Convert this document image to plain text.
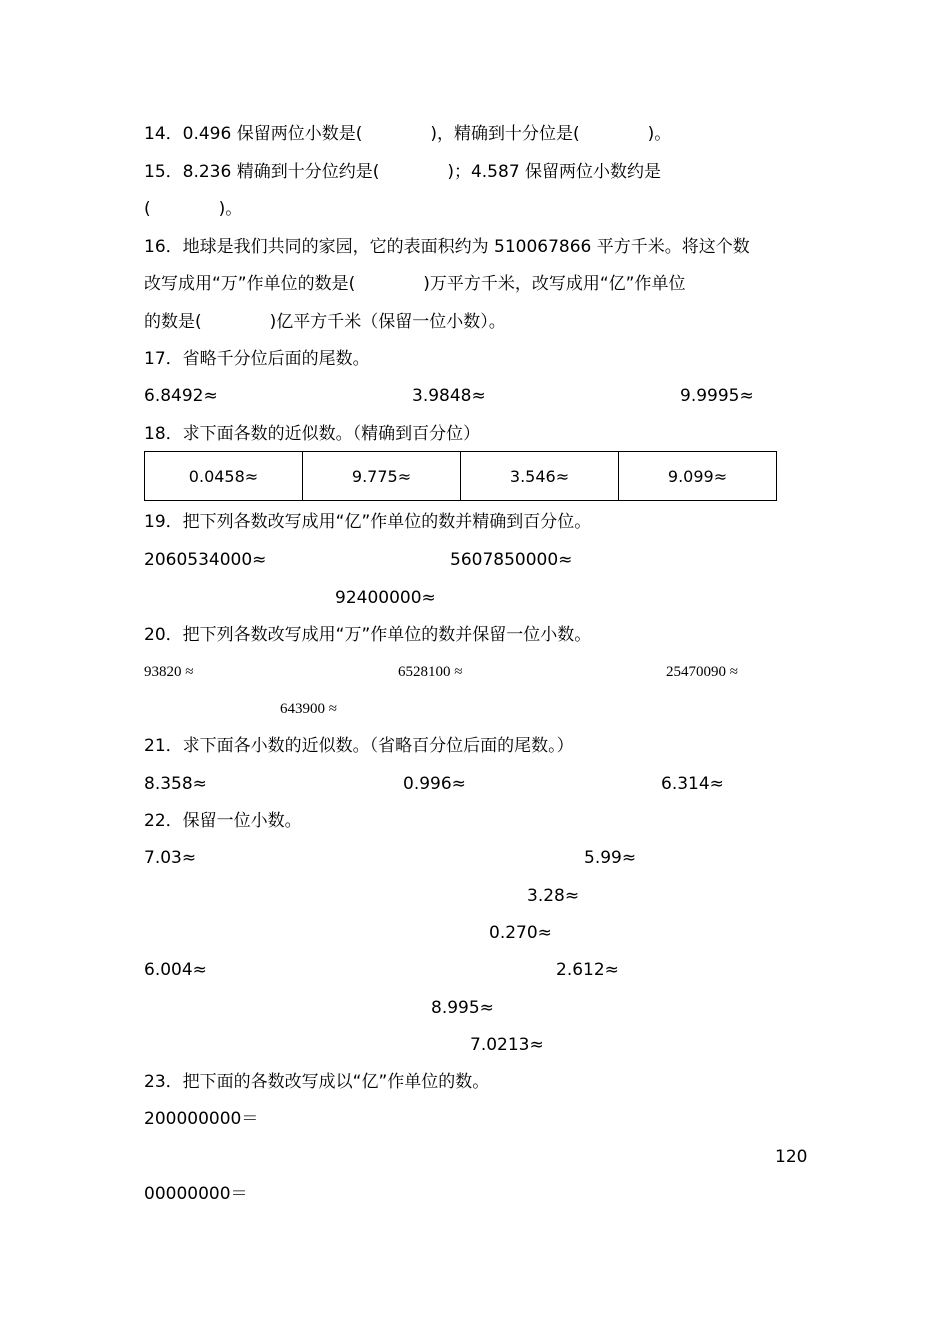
14．0.496 保留两位小数是(　　　　)，精确到十分位是(　　　　)。
15．8.236 精确到十分位约是(　　　　)；4.587 保留两位小数约是
(　　　　)。
16．地球是我们共同的家园，它的表面积约为 510067866 平方千米。将这个数
改写成用“万”作单位的数是(　　　　)万平方千米，改写成用“亿”作单位
的数是(　　　　)亿平方千米（保留一位小数）。
17．省略千分位后面的尾数。
6.8492≈	3.9848≈	9.9995≈
18．求下面各数的近似数。（精确到百分位）
0.0458≈	9.775≈	3.546≈	9.099≈
19．把下列各数改写成用“亿”作单位的数并精确到百分位。
2060534000≈	5607850000≈
92400000≈
20．把下列各数改写成用“万”作单位的数并保留一位小数。
93820 ≈	6528100 ≈	25470090 ≈
643900 ≈
21．求下面各小数的近似数。（省略百分位后面的尾数。）
8.358≈	0.996≈	6.314≈
22．保留一位小数。
7.03≈	5.99≈
3.28≈
0.270≈
6.004≈	2.612≈
8.995≈
7.0213≈
23．把下面的各数改写成以“亿”作单位的数。
200000000＝
120
00000000＝
